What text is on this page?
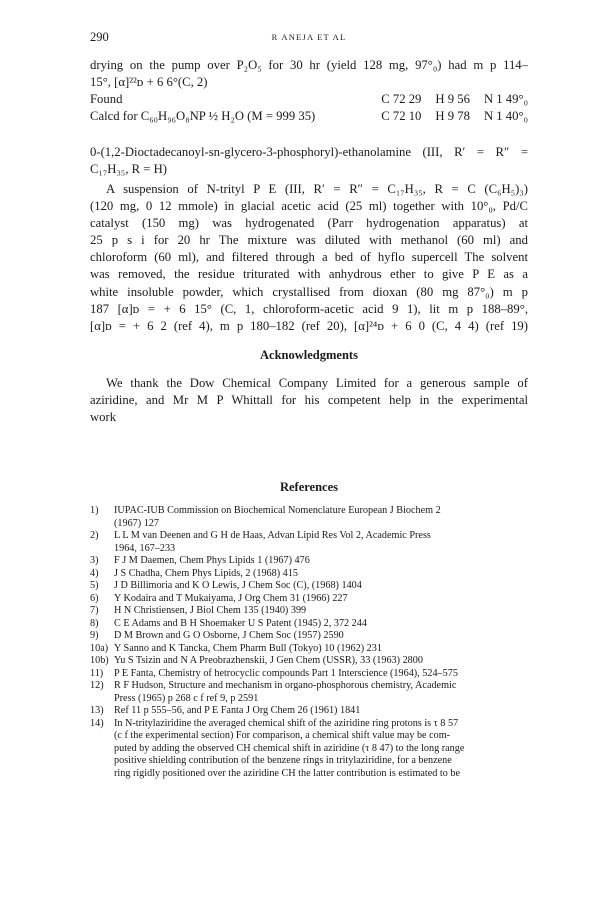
290	R ANEJA ET AL
drying on the pump over P₂O₅ for 30 hr (yield 128 mg, 97°₀) had m p 114–
15°, [α]²²ᴅ + 6 6°(C, 2)
Found	C 72 29 H 9 56 N 1 49°₀
Calcd for C₆₀H₉₆O₈NP ½ H₂O (M = 999 35)	C 72 10 H 9 78 N 1 40°₀
0-(1,2-Dioctadecanoyl-sn-glycero-3-phosphoryl)-ethanolamine (III, R′ = R″ =
C₁₇H₃₅, R = H)
A suspension of N-trityl P E (III, R′ = R″ = C₁₇H₃₅, R = C (C₆H₅)₃)
(120 mg, 0 12 mmole) in glacial acetic acid (25 ml) together with 10°₀, Pd/C
catalyst (150 mg) was hydrogenated (Parr hydrogenation apparatus) at
25 p s i for 20 hr The mixture was diluted with methanol (60 ml) and
chloroform (60 ml), and filtered through a bed of hyflo supercell The solvent
was removed, the residue triturated with anhydrous ether to give P E as a
white insoluble powder, which crystallised from dioxan (80 mg 87°₀) m p
187 [α]ᴅ = + 6 15° (C, 1, chloroform-acetic acid 9 1), lit m p 188–89°,
[α]ᴅ = + 6 2 (ref 4), m p 180–182 (ref 20), [α]²⁴ᴅ + 6 0 (C, 4 4) (ref 19)
Acknowledgments
We thank the Dow Chemical Company Limited for a generous sample of
aziridine, and Mr M P Whittall for his competent help in the experimental
work
References
1)	IUPAC-IUB Commission on Biochemical Nomenclature European J Biochem 2
(1967) 127
2)	L L M van Deenen and G H de Haas, Advan Lipid Res Vol 2, Academic Press
1964, 167–233
3)	F J M Daemen, Chem Phys Lipids 1 (1967) 476
4)	J S Chadha, Chem Phys Lipids, 2 (1968) 415
5)	J D Billimoria and K O Lewis, J Chem Soc (C), (1968) 1404
6)	Y Kodaira and T Mukaiyama, J Org Chem 31 (1966) 227
7)	H N Christiensen, J Biol Chem 135 (1940) 399
8)	C E Adams and B H Shoemaker U S Patent (1945) 2, 372 244
9)	D M Brown and G O Osborne, J Chem Soc (1957) 2590
10a) Y Sanno and K Tancka, Chem Pharm Bull (Tokyo) 10 (1962) 231
10b) Yu S Tsizin and N A Preobrazhenskii, J Gen Chem (USSR), 33 (1963) 2800
11)	P E Fanta, Chemistry of hetrocyclic compounds Part 1 Interscience (1964), 524–575
12)	R F Hudson, Structure and mechanism in organo-phosphorous chemistry, Academic
Press (1965) p 268 c f ref 9, p 2591
13)	Ref 11 p 555–56, and P E Fanta J Org Chem 26 (1961) 1841
14)	In N-tritylaziridine the averaged chemical shift of the aziridine ring protons is τ 8 57
(c f the experimental section) For comparison, a chemical shift value may be com-
puted by adding the observed CH chemical shift in aziridine (τ 8 47) to the long range
positive shielding contribution of the benzene rings in tritylaziridine, for a benzene
ring rigidly positioned over the aziridine CH the latter contribution is estimated to be
